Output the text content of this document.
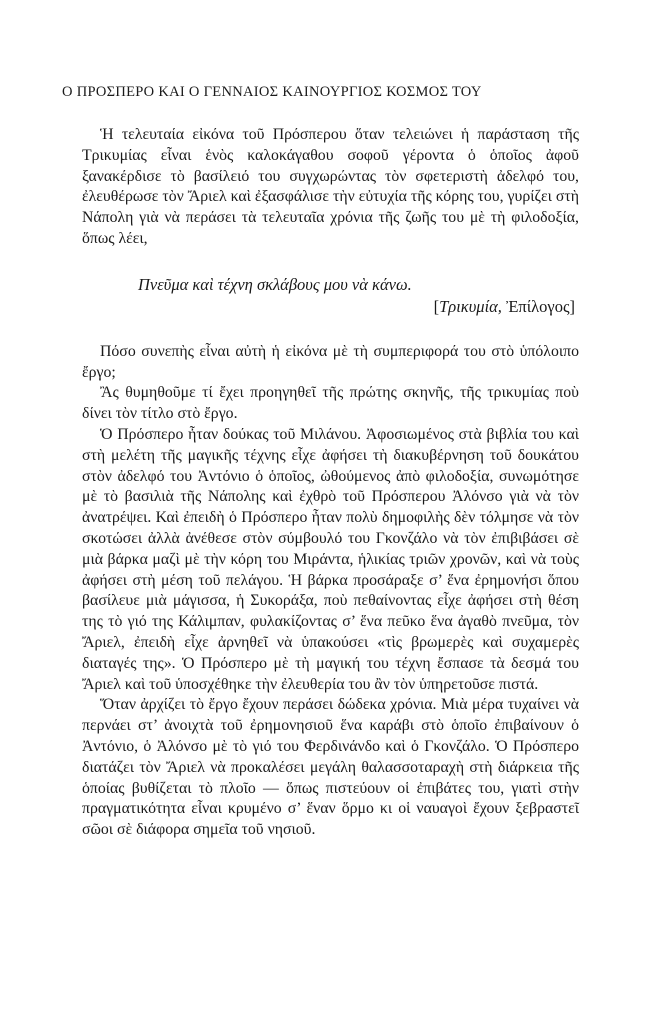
Ο ΠΡΟΣΠΕΡΟ ΚΑΙ Ο ΓΕΝΝΑΙΟΣ ΚΑΙΝΟΥΡΓΙΟΣ ΚΟΣΜΟΣ ΤΟΥ

Ἡ τελευταία εἰκόνα τοῦ Πρόσπερου ὅταν τελειώνει ἡ παράσταση τῆς Τρικυμίας εἶναι ἑνὸς καλοκάγαθου σοφοῦ γέροντα ὁ ὁποῖος ἀφοῦ ξανακέρδισε τὸ βασίλειό του συγχωρώντας τὸν σφετεριστὴ ἀδελφό του, ἐλευθέρωσε τὸν Ἄριελ καὶ ἐξασφάλισε τὴν εὐτυχία τῆς κόρης του, γυρίζει στὴ Νάπολη γιὰ νὰ περάσει τὰ τελευταῖα χρόνια τῆς ζωῆς του μὲ τὴ φιλοδοξία, ὅπως λέει,

Πνεῦμα καὶ τέχνη σκλάβους μου νὰ κάνω.
[Τρικυμία, Ἐπίλογος]

Πόσο συνεπὴς εἶναι αὐτὴ ἡ εἰκόνα μὲ τὴ συμπεριφορά του στὸ ὑπόλοιπο ἔργο;

Ἂς θυμηθοῦμε τί ἔχει προηγηθεῖ τῆς πρώτης σκηνῆς, τῆς τρικυμίας ποὺ δίνει τὸν τίτλο στὸ ἔργο.

Ὁ Πρόσπερο ἦταν δούκας τοῦ Μιλάνου. Ἀφοσιωμένος στὰ βιβλία του καὶ στὴ μελέτη τῆς μαγικῆς τέχνης εἶχε ἀφήσει τὴ διακυβέρνηση τοῦ δουκάτου στὸν ἀδελφό του Ἀντόνιο ὁ ὁποῖος, ὠθούμενος ἀπὸ φιλοδοξία, συνωμότησε μὲ τὸ βασιλιὰ τῆς Νάπολης καὶ ἐχθρὸ τοῦ Πρόσπερου Ἀλόνσο γιὰ νὰ τὸν ἀνατρέψει. Καὶ ἐπειδὴ ὁ Πρόσπερο ἦταν πολὺ δημοφιλὴς δὲν τόλμησε νὰ τὸν σκοτώσει ἀλλὰ ἀνέθεσε στὸν σύμβουλό του Γκονζάλο νὰ τὸν ἐπιβιβάσει σὲ μιὰ βάρκα μαζὶ μὲ τὴν κόρη του Μιράντα, ἡλικίας τριῶν χρονῶν, καὶ νὰ τοὺς ἀφήσει στὴ μέση τοῦ πελάγου. Ἡ βάρκα προσάραξε σ’ ἕνα ἐρημονήσι ὅπου βασίλευε μιὰ μάγισσα, ἡ Συκοράξα, ποὺ πεθαίνοντας εἶχε ἀφήσει στὴ θέση της τὸ γιό της Κάλιμπαν, φυλακίζοντας σ’ ἕνα πεῦκο ἕνα ἀγαθὸ πνεῦμα, τὸν Ἄριελ, ἐπειδὴ εἶχε ἀρνηθεῖ νὰ ὑπακούσει «τὶς βρωμερὲς καὶ συχαμερὲς διαταγές της». Ὁ Πρόσπερο μὲ τὴ μαγική του τέχνη ἔσπασε τὰ δεσμά του Ἄριελ καὶ τοῦ ὑποσχέθηκε τὴν ἐλευθερία του ἂν τὸν ὑπηρετοῦσε πιστά.

Ὅταν ἀρχίζει τὸ ἔργο ἔχουν περάσει δώδεκα χρόνια. Μιὰ μέρα τυχαίνει νὰ περνάει στ’ ἀνοιχτὰ τοῦ ἐρημονησιοῦ ἕνα καράβι στὸ ὁποῖο ἐπιβαίνουν ὁ Ἀντόνιο, ὁ Ἀλόνσο μὲ τὸ γιό του Φερδινάνδο καὶ ὁ Γκονζάλο. Ὁ Πρόσπερο διατάζει τὸν Ἄριελ νὰ προκαλέσει μεγάλη θαλασσοταραχὴ στὴ διάρκεια τῆς ὁποίας βυθίζεται τὸ πλοῖο — ὅπως πιστεύουν οἱ ἐπιβάτες του, γιατὶ στὴν πραγματικότητα εἶναι κρυμένο σ’ ἕναν ὅρμο κι οἱ ναυαγοὶ ἔχουν ξεβραστεῖ σῶοι σὲ διάφορα σημεῖα τοῦ νησιοῦ.
